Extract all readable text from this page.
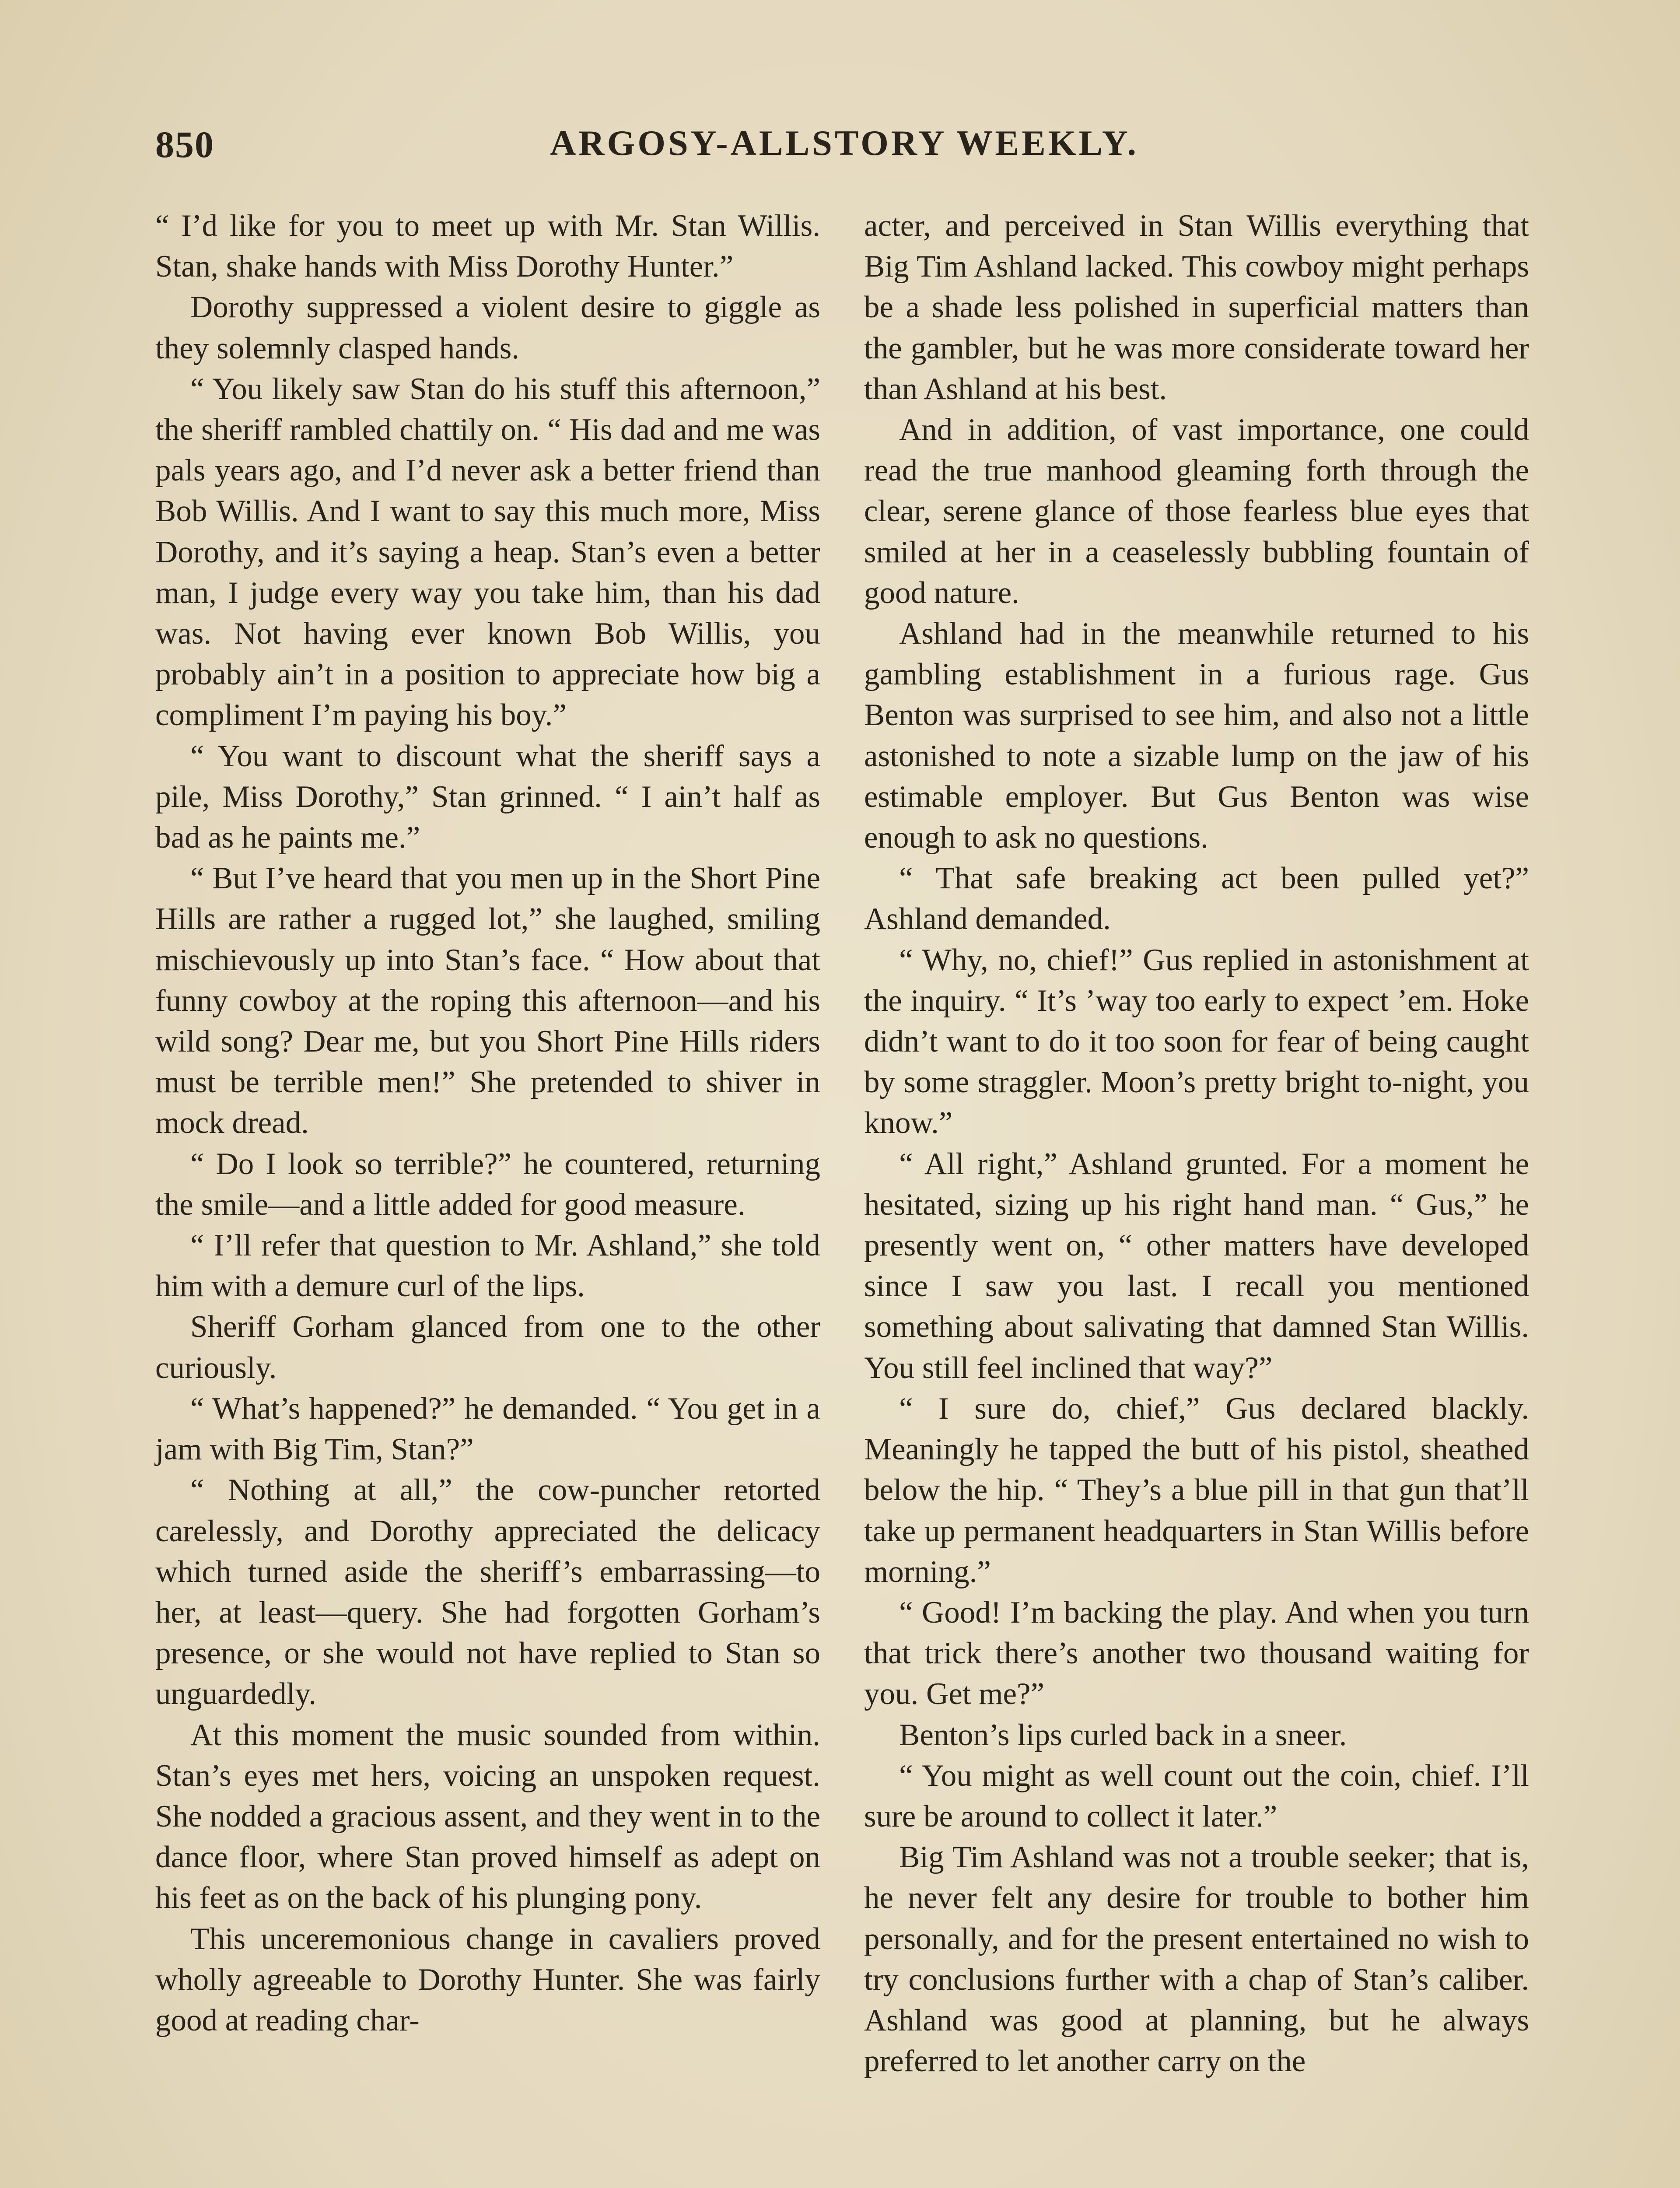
850	ARGOSY-ALLSTORY WEEKLY.

“ I’d like for you to meet up with Mr. Stan Willis. Stan, shake hands with Miss Dorothy Hunter.”

Dorothy suppressed a violent desire to giggle as they solemnly clasped hands.

“ You likely saw Stan do his stuff this afternoon,” the sheriff rambled chattily on. “ His dad and me was pals years ago, and I’d never ask a better friend than Bob Willis. And I want to say this much more, Miss Dorothy, and it’s saying a heap. Stan’s even a better man, I judge every way you take him, than his dad was. Not having ever known Bob Willis, you probably ain’t in a position to appreciate how big a compliment I’m paying his boy.”

“ You want to discount what the sheriff says a pile, Miss Dorothy,” Stan grinned. “ I ain’t half as bad as he paints me.”

“ But I’ve heard that you men up in the Short Pine Hills are rather a rugged lot,” she laughed, smiling mischievously up into Stan’s face. “ How about that funny cowboy at the roping this afternoon—and his wild song? Dear me, but you Short Pine Hills riders must be terrible men!” She pretended to shiver in mock dread.

“ Do I look so terrible?” he countered, returning the smile—and a little added for good measure.

“ I’ll refer that question to Mr. Ashland,” she told him with a demure curl of the lips.

Sheriff Gorham glanced from one to the other curiously.

“ What’s happened?” he demanded. “ You get in a jam with Big Tim, Stan?”

“ Nothing at all,” the cow-puncher retorted carelessly, and Dorothy appreciated the delicacy which turned aside the sheriff’s embarrassing—to her, at least—query. She had forgotten Gorham’s presence, or she would not have replied to Stan so unguardedly.

At this moment the music sounded from within. Stan’s eyes met hers, voicing an unspoken request. She nodded a gracious assent, and they went in to the dance floor, where Stan proved himself as adept on his feet as on the back of his plunging pony.

This unceremonious change in cavaliers proved wholly agreeable to Dorothy Hunter. She was fairly good at reading char-

acter, and perceived in Stan Willis everything that Big Tim Ashland lacked. This cowboy might perhaps be a shade less polished in superficial matters than the gambler, but he was more considerate toward her than Ashland at his best.

And in addition, of vast importance, one could read the true manhood gleaming forth through the clear, serene glance of those fearless blue eyes that smiled at her in a ceaselessly bubbling fountain of good nature.

Ashland had in the meanwhile returned to his gambling establishment in a furious rage. Gus Benton was surprised to see him, and also not a little astonished to note a sizable lump on the jaw of his estimable employer. But Gus Benton was wise enough to ask no questions.

“ That safe breaking act been pulled yet?” Ashland demanded.

“ Why, no, chief!” Gus replied in astonishment at the inquiry. “ It’s ’way too early to expect ’em. Hoke didn’t want to do it too soon for fear of being caught by some straggler. Moon’s pretty bright to-night, you know.”

“ All right,” Ashland grunted. For a moment he hesitated, sizing up his right hand man. “ Gus,” he presently went on, “ other matters have developed since I saw you last. I recall you mentioned something about salivating that damned Stan Willis. You still feel inclined that way?”

“ I sure do, chief,” Gus declared blackly. Meaningly he tapped the butt of his pistol, sheathed below the hip. “ They’s a blue pill in that gun that’ll take up permanent headquarters in Stan Willis before morning.”

“ Good! I’m backing the play. And when you turn that trick there’s another two thousand waiting for you. Get me?”

Benton’s lips curled back in a sneer.

“ You might as well count out the coin, chief. I’ll sure be around to collect it later.”

Big Tim Ashland was not a trouble seeker; that is, he never felt any desire for trouble to bother him personally, and for the present entertained no wish to try conclusions further with a chap of Stan’s caliber. Ashland was good at planning, but he always preferred to let another carry on the
